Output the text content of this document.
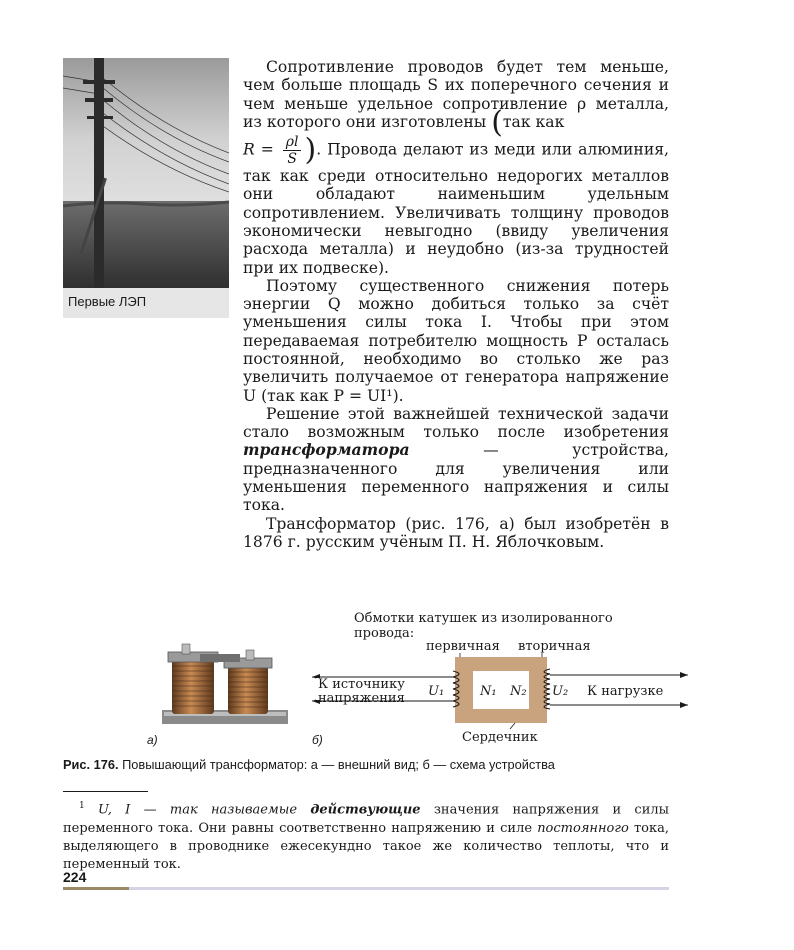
Первые ЛЭП

Сопротивление проводов будет тем меньше, чем больше площадь S их поперечного сечения и чем меньше удельное сопротивление ρ металла, из которого они изготовлены (так как

$R = \frac{\rho l}{S}$ ). Провода делают из меди или алюминия, так как среди относительно недорогих металлов они обладают наименьшим удельным сопротивлением. Увеличивать толщину проводов экономически невыгодно (ввиду увеличения расхода металла) и неудобно (из-за трудностей при их подвеске).

Поэтому существенного снижения потерь энергии Q можно добиться только за счёт уменьшения силы тока I. Чтобы при этом передаваемая потребителю мощность P осталась постоянной, необходимо во столько же раз увеличить получаемое от генератора напряжение U (так как P = UI¹).

Решение этой важнейшей технической задачи стало возможным только после изобретения трансформатора	— устройства, предназначенного для увеличения или уменьшения переменного напряжения и силы тока.

Трансформатор (рис. 176, а) был изобретён в 1876 г. русским учёным П. Н. Яблочковым.

а)	б)
Обмотки катушек из изолированного
провода:
первичная вторичная
К источнику
напряжения U₁	N₁ N₂ U₂ К нагрузке
Сердечник
Рис. 176. Повышающий трансформатор: а — внешний вид; б — схема устройства

$^1$ U, I — так называемые действующие значения напряжения и силы переменного тока. Они равны соответственно напряжению и силе постоянного тока, выделяющего в проводнике ежесекундно такое же количество теплоты, что и переменный ток.

224
